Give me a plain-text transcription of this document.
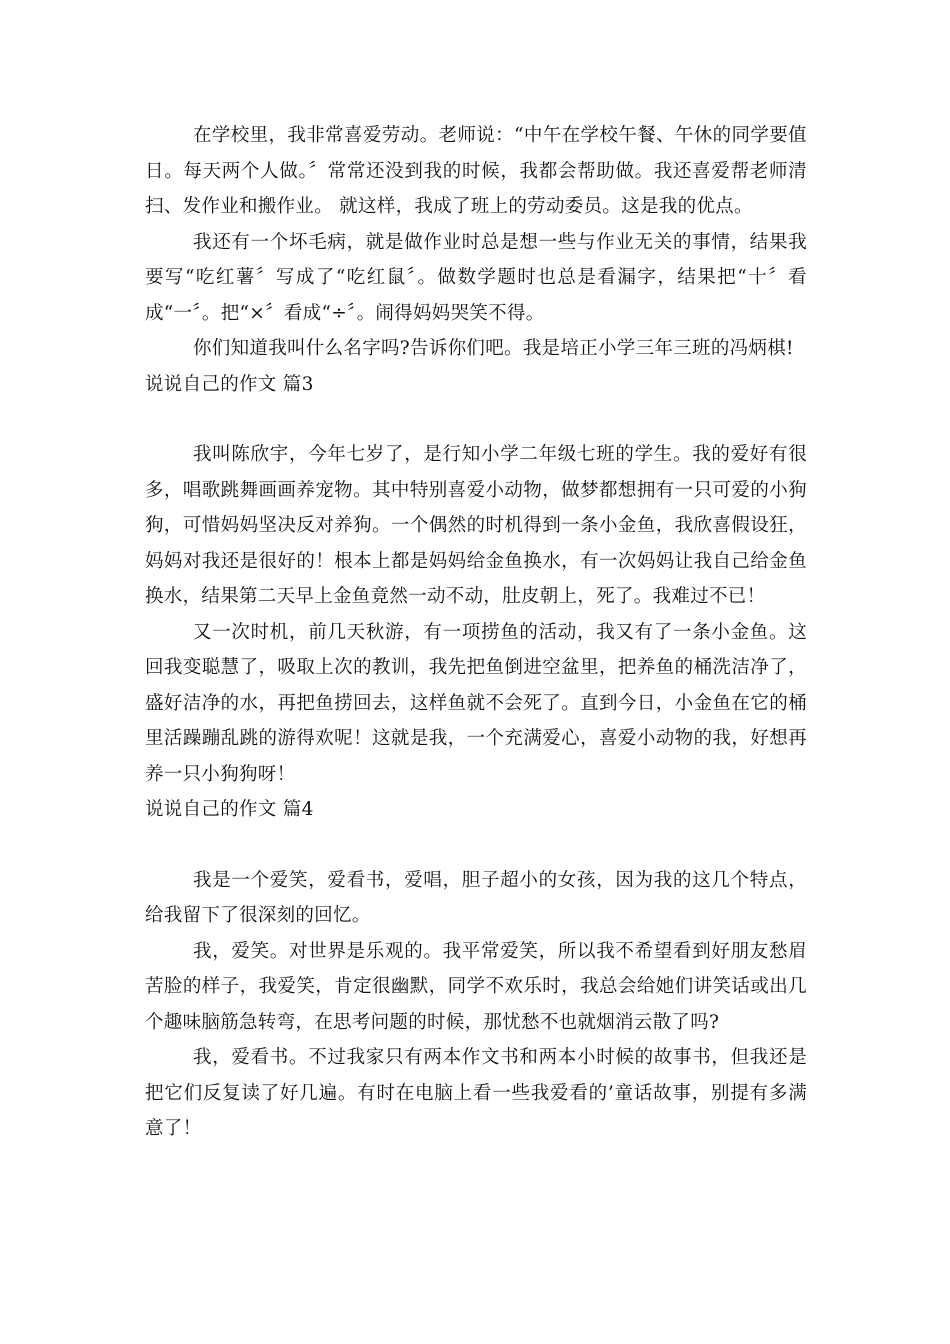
在学校里，我非常喜爱劳动。老师说：“中午在学校午餐、午休的同学要值日。每天两个人做。〞常常还没到我的时候，我都会帮助做。我还喜爱帮老师清扫、发作业和搬作业。 就这样，我成了班上的劳动委员。这是我的优点。

我还有一个坏毛病，就是做作业时总是想一些与作业无关的事情，结果我要写“吃红薯〞写成了“吃红鼠〞。做数学题时也总是看漏字，结果把“十〞看成“一〞。把“×〞看成“÷〞。闹得妈妈哭笑不得。

你们知道我叫什么名字吗?告诉你们吧。我是培正小学三年三班的冯炳棋!

说说自己的作文 篇3

我叫陈欣宇，今年七岁了，是行知小学二年级七班的学生。我的爱好有很多，唱歌跳舞画画养宠物。其中特别喜爱小动物，做梦都想拥有一只可爱的小狗狗，可惜妈妈坚决反对养狗。一个偶然的时机得到一条小金鱼，我欣喜假设狂，妈妈对我还是很好的！根本上都是妈妈给金鱼换水，有一次妈妈让我自己给金鱼换水，结果第二天早上金鱼竟然一动不动，肚皮朝上，死了。我难过不已！

又一次时机，前几天秋游，有一项捞鱼的活动，我又有了一条小金鱼。这回我变聪慧了，吸取上次的教训，我先把鱼倒进空盆里，把养鱼的桶洗洁净了，盛好洁净的水，再把鱼捞回去，这样鱼就不会死了。直到今日，小金鱼在它的桶里活躁蹦乱跳的游得欢呢！这就是我，一个充满爱心，喜爱小动物的我，好想再养一只小狗狗呀！

说说自己的作文 篇4

我是一个爱笑，爱看书，爱唱，胆子超小的女孩，因为我的这几个特点，给我留下了很深刻的回忆。

我，爱笑。对世界是乐观的。我平常爱笑，所以我不希望看到好朋友愁眉苦脸的样子，我爱笑，肯定很幽默，同学不欢乐时，我总会给她们讲笑话或出几个趣味脑筋急转弯，在思考问题的时候，那忧愁不也就烟消云散了吗?

我，爱看书。不过我家只有两本作文书和两本小时候的故事书，但我还是把它们反复读了好几遍。有时在电脑上看一些我爱看的’童话故事，别提有多满意了！
